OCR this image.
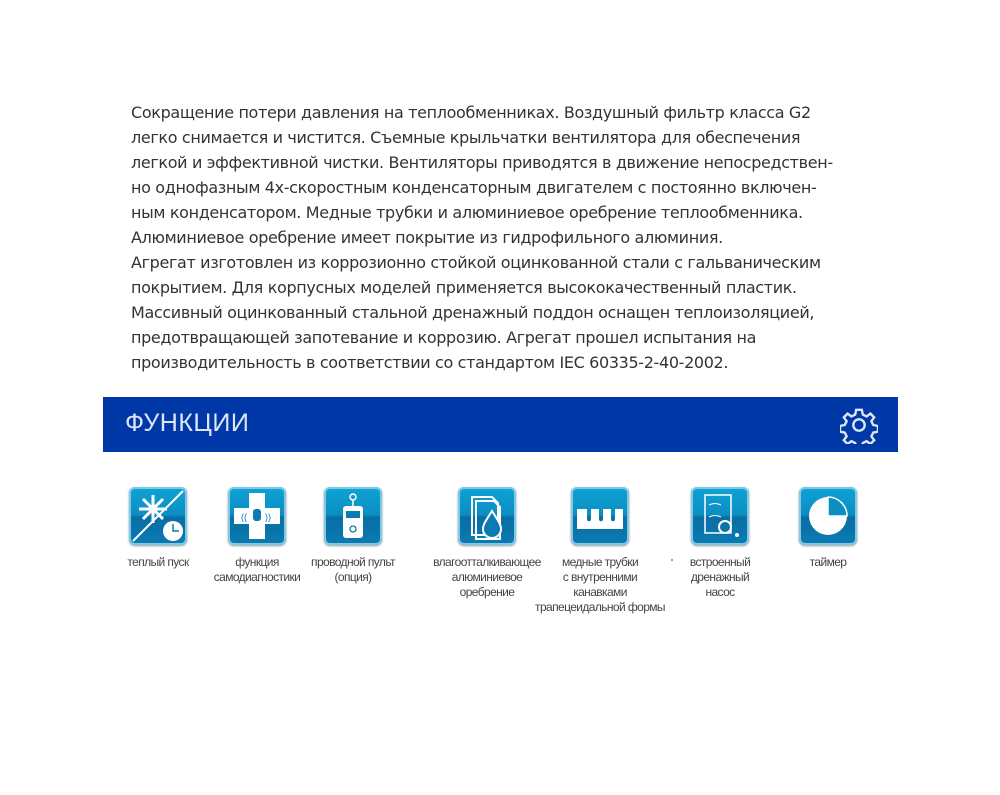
Сокращение потери давления на теплообменниках. Воздушный фильтр класса G2
легко снимается и чистится. Съемные крыльчатки вентилятора для обеспечения
легкой и эффективной чистки. Вентиляторы приводятся в движение непосредствен-
но однофазным 4х-скоростным конденсаторным двигателем с постоянно включен-
ным конденсатором. Медные трубки и алюминиевое оребрение теплообменника.
Алюминиевое оребрение имеет покрытие из гидрофильного алюминия.
Агрегат изготовлен из коррозионно стойкой оцинкованной стали с гальваническим
покрытием. Для корпусных моделей применяется высококачественный пластик.
Массивный оцинкованный стальной дренажный поддон оснащен теплоизоляцией,
предотвращающей запотевание и коррозию. Агрегат прошел испытания на
производительность в соответствии со стандартом IEC 60335-2-40-2002.
ФУНКЦИИ
теплый пуск
(( ))
функция
самодиагностики
проводной пульт
(опция)
влагоотталкивающее
алюминиевое
оребрение
медные трубки
с внутренними
канавками
трапецеидальной формы
встроенный
дренажный
насос
таймер
